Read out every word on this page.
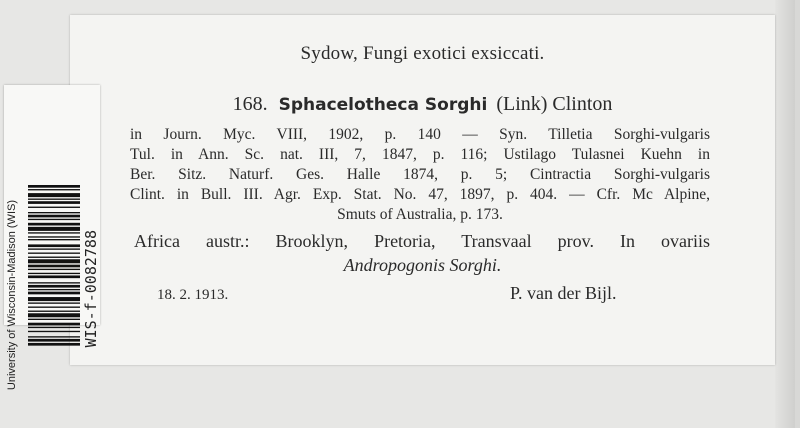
Sydow, Fungi exotici exsiccati.
168. Sphacelotheca Sorghi (Link) Clinton
in Journ. Myc. VIII, 1902, p. 140 — Syn. Tilletia Sorghi-vulgaris
Tul. in Ann. Sc. nat. III, 7, 1847, p. 116; Ustilago Tulasnei Kuehn in
Ber. Sitz. Naturf. Ges. Halle 1874, p. 5; Cintractia Sorghi-vulgaris
Clint. in Bull. III. Agr. Exp. Stat. No. 47, 1897, p. 404. — Cfr. Mc Alpine,
Smuts of Australia, p. 173.
Africa austr.: Brooklyn, Pretoria, Transvaal prov. In ovariis
Andropogonis Sorghi.
18. 2. 1913.	P. van der Bijl.
University of Wisconsin-Madison (WIS)	WIS-f-0082788
